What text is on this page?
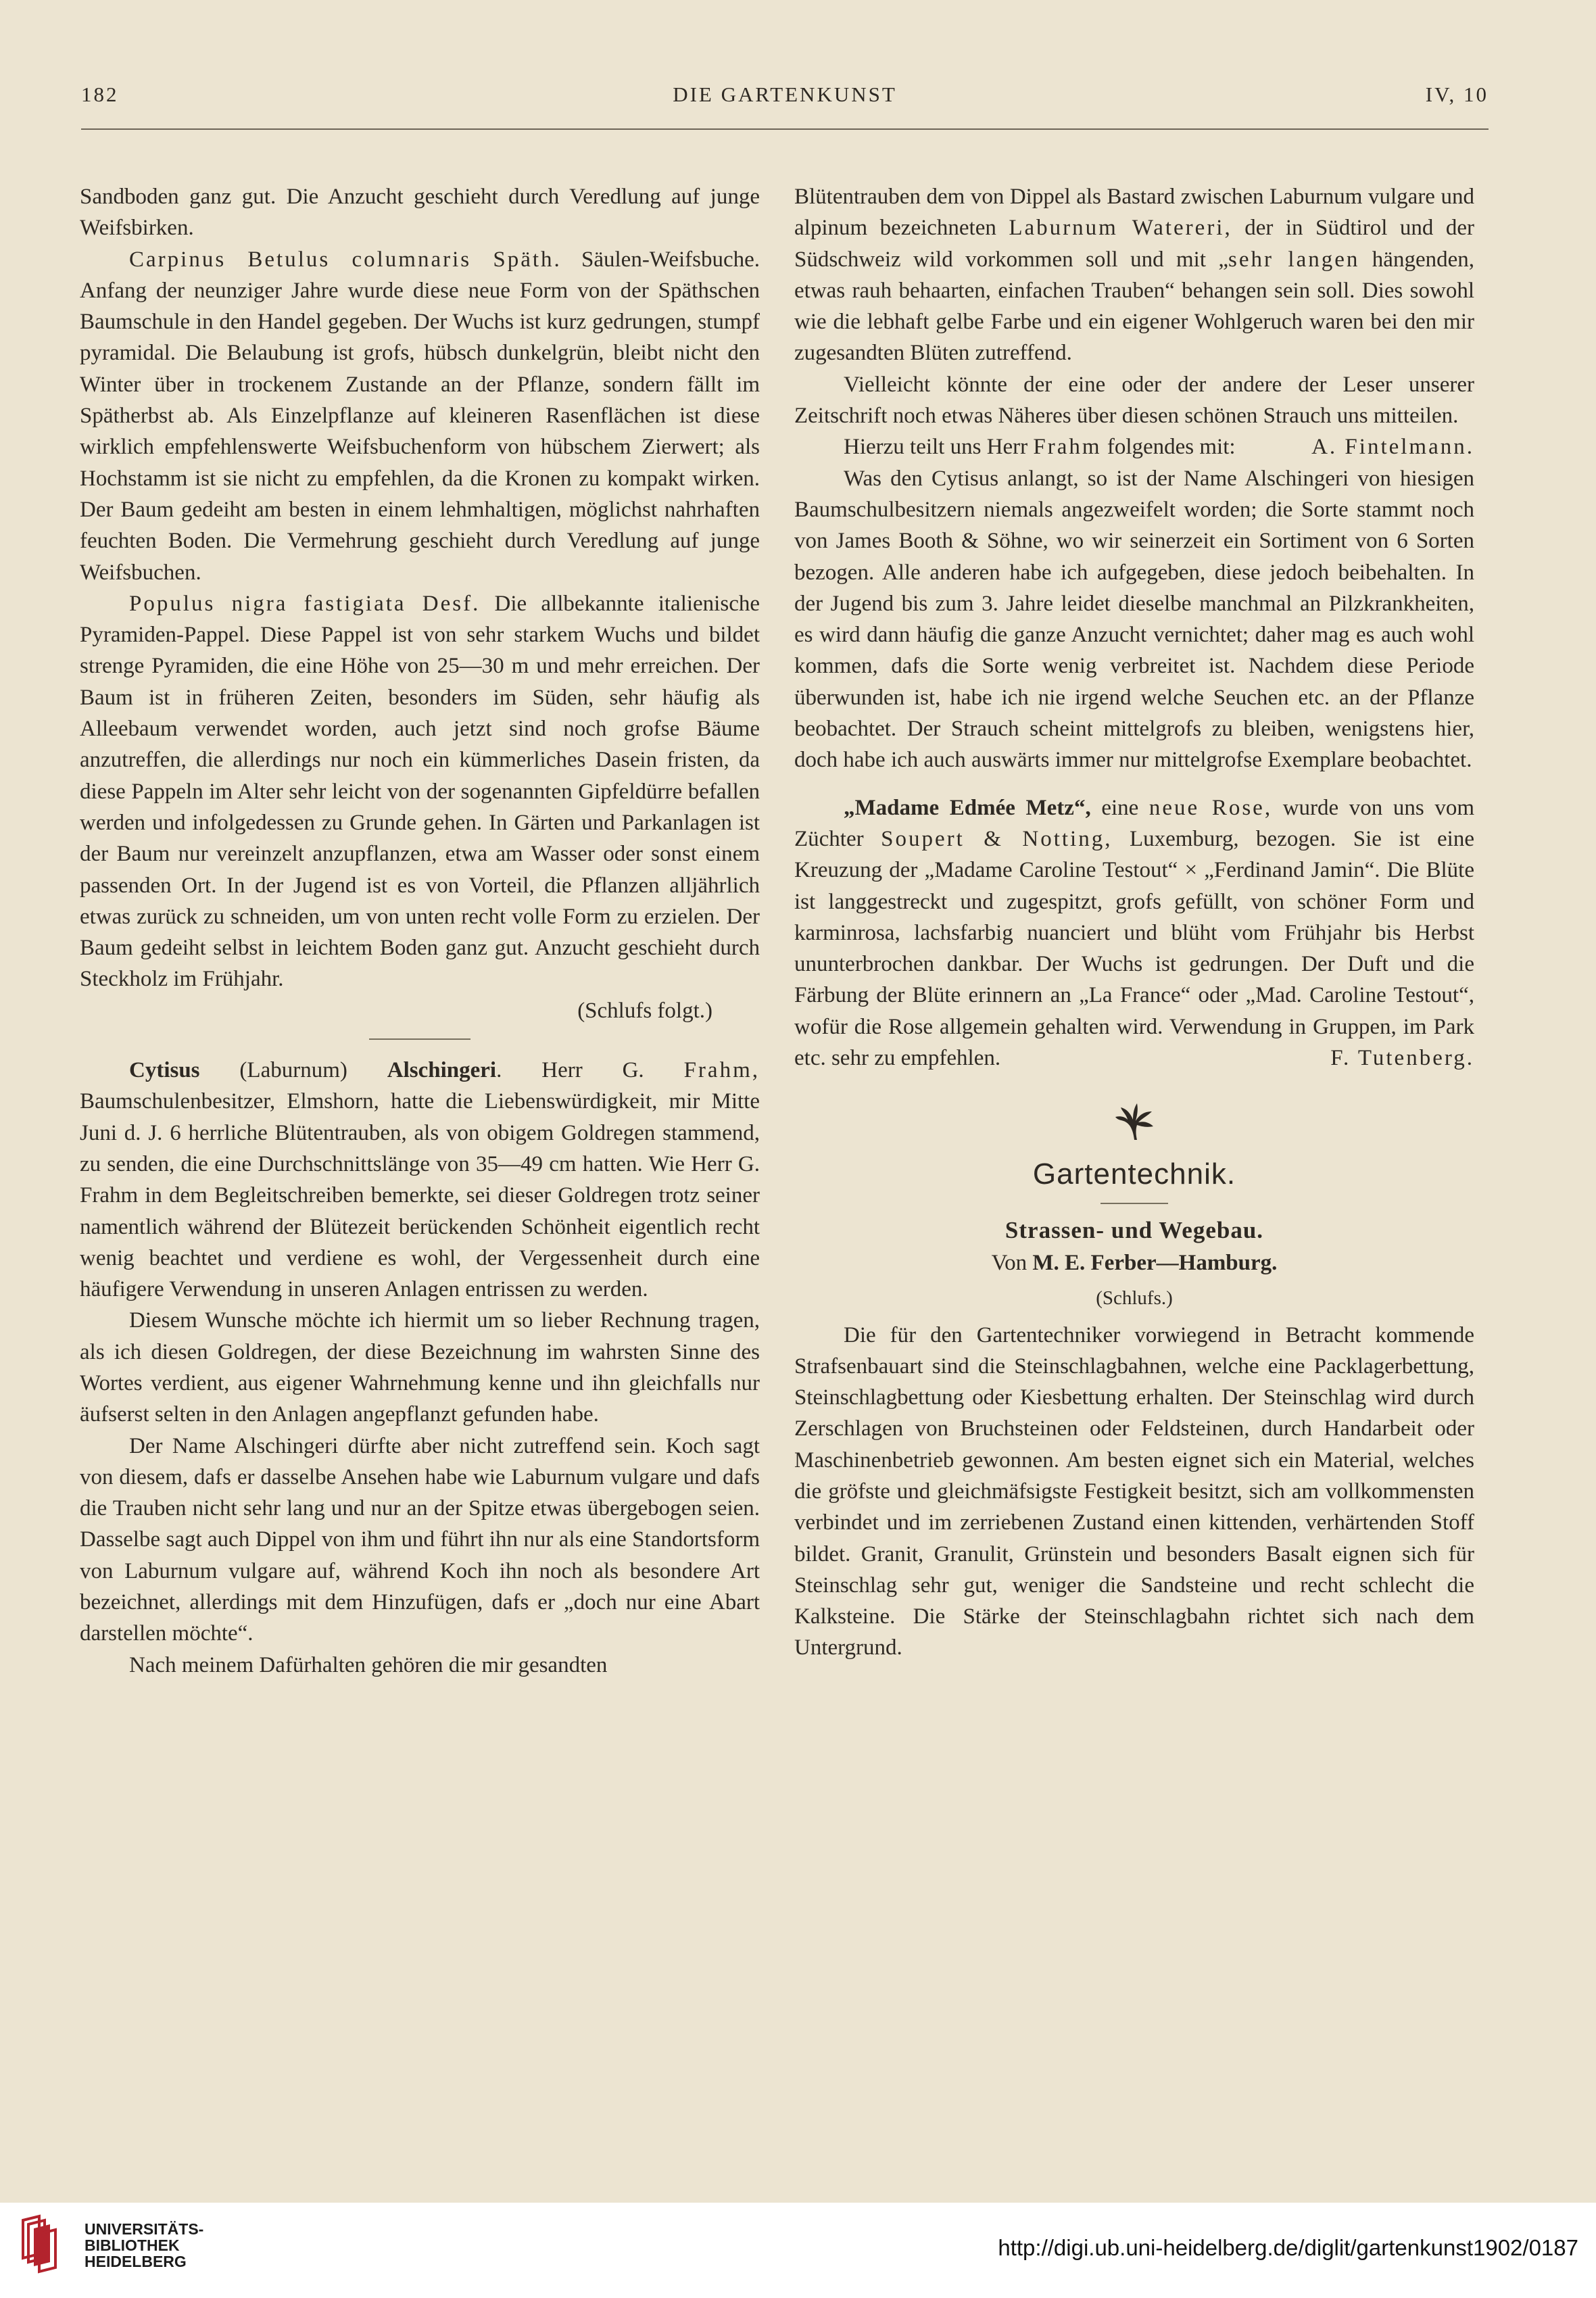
182	DIE GARTENKUNST	IV, 10

Sandboden ganz gut. Die Anzucht geschieht durch Veredlung auf junge Weifsbirken.

Carpinus Betulus columnaris Späth. Säulen-Weifsbuche. Anfang der neunziger Jahre wurde diese neue Form von der Späthschen Baumschule in den Handel gegeben. Der Wuchs ist kurz gedrungen, stumpf pyramidal. Die Belaubung ist grofs, hübsch dunkelgrün, bleibt nicht den Winter über in trockenem Zustande an der Pflanze, sondern fällt im Spätherbst ab. Als Einzelpflanze auf kleineren Rasenflächen ist diese wirklich empfehlenswerte Weifsbuchenform von hübschem Zierwert; als Hochstamm ist sie nicht zu empfehlen, da die Kronen zu kompakt wirken. Der Baum gedeiht am besten in einem lehmhaltigen, möglichst nahrhaften feuchten Boden. Die Vermehrung geschieht durch Veredlung auf junge Weifsbuchen.

Populus nigra fastigiata Desf. Die allbekannte italienische Pyramiden-Pappel. Diese Pappel ist von sehr starkem Wuchs und bildet strenge Pyramiden, die eine Höhe von 25—30 m und mehr erreichen. Der Baum ist in früheren Zeiten, besonders im Süden, sehr häufig als Alleebaum verwendet worden, auch jetzt sind noch grofse Bäume anzutreffen, die allerdings nur noch ein kümmerliches Dasein fristen, da diese Pappeln im Alter sehr leicht von der sogenannten Gipfeldürre befallen werden und infolgedessen zu Grunde gehen. In Gärten und Parkanlagen ist der Baum nur vereinzelt anzupflanzen, etwa am Wasser oder sonst einem passenden Ort. In der Jugend ist es von Vorteil, die Pflanzen alljährlich etwas zurück zu schneiden, um von unten recht volle Form zu erzielen. Der Baum gedeiht selbst in leichtem Boden ganz gut. Anzucht geschieht durch Steckholz im Frühjahr.

(Schlufs folgt.)

Cytisus (Laburnum) Alschingeri. Herr G. Frahm, Baumschulenbesitzer, Elmshorn, hatte die Liebenswürdigkeit, mir Mitte Juni d. J. 6 herrliche Blütentrauben, als von obigem Goldregen stammend, zu senden, die eine Durchschnittslänge von 35—49 cm hatten. Wie Herr G. Frahm in dem Begleitschreiben bemerkte, sei dieser Goldregen trotz seiner namentlich während der Blütezeit berückenden Schönheit eigentlich recht wenig beachtet und verdiene es wohl, der Vergessenheit durch eine häufigere Verwendung in unseren Anlagen entrissen zu werden.

Diesem Wunsche möchte ich hiermit um so lieber Rechnung tragen, als ich diesen Goldregen, der diese Bezeichnung im wahrsten Sinne des Wortes verdient, aus eigener Wahrnehmung kenne und ihn gleichfalls nur äufserst selten in den Anlagen angepflanzt gefunden habe.

Der Name Alschingeri dürfte aber nicht zutreffend sein. Koch sagt von diesem, dafs er dasselbe Ansehen habe wie Laburnum vulgare und dafs die Trauben nicht sehr lang und nur an der Spitze etwas übergebogen seien. Dasselbe sagt auch Dippel von ihm und führt ihn nur als eine Standortsform von Laburnum vulgare auf, während Koch ihn noch als besondere Art bezeichnet, allerdings mit dem Hinzufügen, dafs er „doch nur eine Abart darstellen möchte“.

Nach meinem Dafürhalten gehören die mir gesandten

Blütentrauben dem von Dippel als Bastard zwischen Laburnum vulgare und alpinum bezeichneten Laburnum Watereri, der in Südtirol und der Südschweiz wild vorkommen soll und mit „sehr langen hängenden, etwas rauh behaarten, einfachen Trauben“ behangen sein soll. Dies sowohl wie die lebhaft gelbe Farbe und ein eigener Wohlgeruch waren bei den mir zugesandten Blüten zutreffend.

Vielleicht könnte der eine oder der andere der Leser unserer Zeitschrift noch etwas Näheres über diesen schönen Strauch uns mitteilen.
A. Fintelmann.

Hierzu teilt uns Herr Frahm folgendes mit:

Was den Cytisus anlangt, so ist der Name Alschingeri von hiesigen Baumschulbesitzern niemals angezweifelt worden; die Sorte stammt noch von James Booth & Söhne, wo wir seinerzeit ein Sortiment von 6 Sorten bezogen. Alle anderen habe ich aufgegeben, diese jedoch beibehalten. In der Jugend bis zum 3. Jahre leidet dieselbe manchmal an Pilzkrankheiten, es wird dann häufig die ganze Anzucht vernichtet; daher mag es auch wohl kommen, dafs die Sorte wenig verbreitet ist. Nachdem diese Periode überwunden ist, habe ich nie irgend welche Seuchen etc. an der Pflanze beobachtet. Der Strauch scheint mittelgrofs zu bleiben, wenigstens hier, doch habe ich auch auswärts immer nur mittelgrofse Exemplare beobachtet.

„Madame Edmée Metz“, eine neue Rose, wurde von uns vom Züchter Soupert & Notting, Luxemburg, bezogen. Sie ist eine Kreuzung der „Madame Caroline Testout“ × „Ferdinand Jamin“. Die Blüte ist langgestreckt und zugespitzt, grofs gefüllt, von schöner Form und karminrosa, lachsfarbig nuanciert und blüht vom Frühjahr bis Herbst ununterbrochen dankbar. Der Wuchs ist gedrungen. Der Duft und die Färbung der Blüte erinnern an „La France“ oder „Mad. Caroline Testout“, wofür die Rose allgemein gehalten wird. Verwendung in Gruppen, im Park etc. sehr zu empfehlen.	F. Tutenberg.

Gartentechnik.
Strassen- und Wegebau.

Von M. E. Ferber—Hamburg.

(Schlufs.)

Die für den Gartentechniker vorwiegend in Betracht kommende Strafsenbauart sind die Steinschlagbahnen, welche eine Packlagerbettung, Steinschlagbettung oder Kiesbettung erhalten. Der Steinschlag wird durch Zerschlagen von Bruchsteinen oder Feldsteinen, durch Handarbeit oder Maschinenbetrieb gewonnen. Am besten eignet sich ein Material, welches die gröfste und gleichmäfsigste Festigkeit besitzt, sich am vollkommensten verbindet und im zerriebenen Zustand einen kittenden, verhärtenden Stoff bildet. Granit, Granulit, Grünstein und besonders Basalt eignen sich für Steinschlag sehr gut, weniger die Sandsteine und recht schlecht die Kalksteine. Die Stärke der Steinschlagbahn richtet sich nach dem Untergrund.

UNIVERSITÄTS-
BIBLIOTHEK
HEIDELBERG
http://digi.ub.uni-heidelberg.de/diglit/gartenkunst1902/0187
